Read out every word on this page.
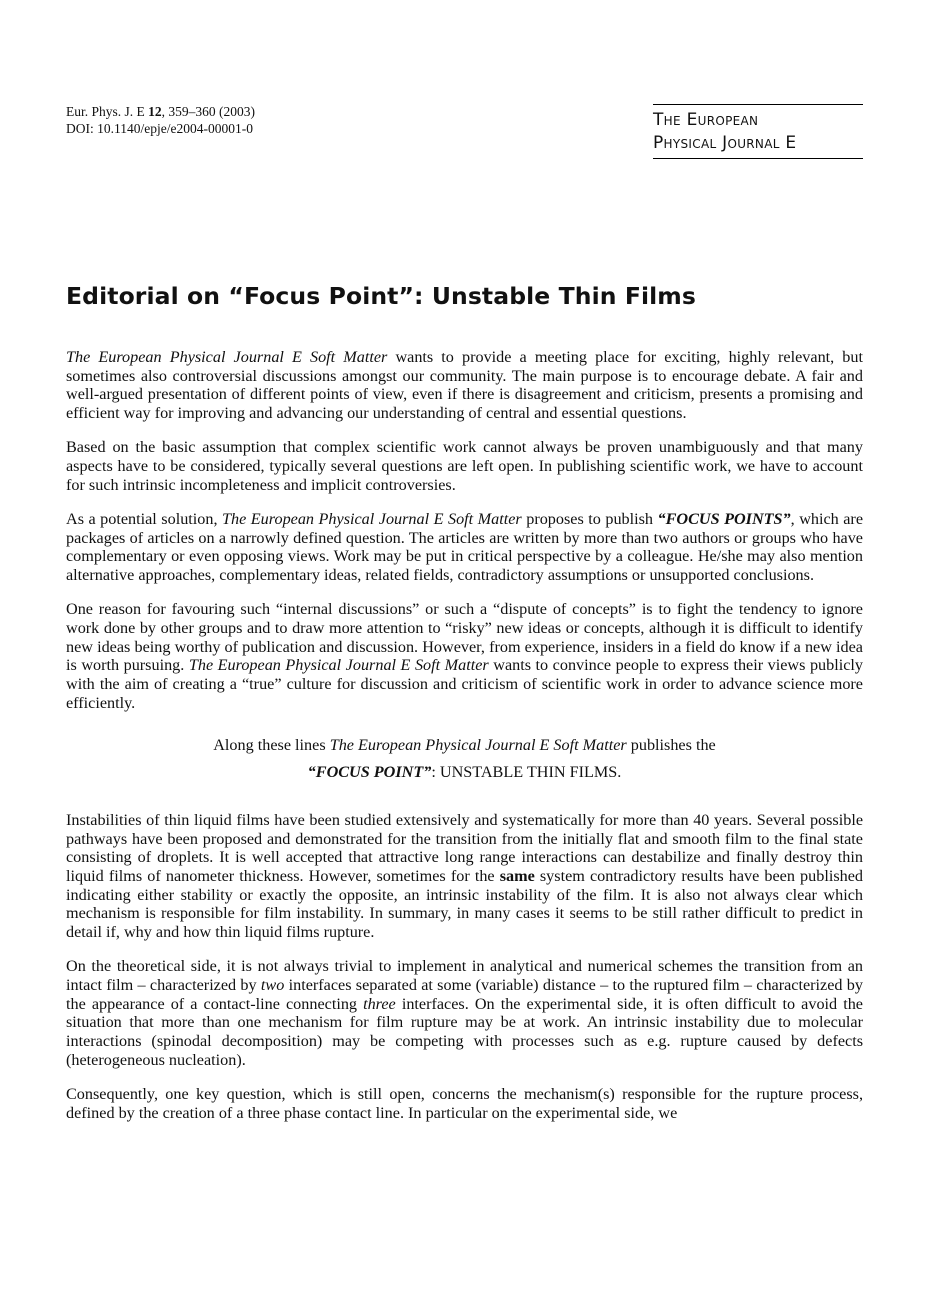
Eur. Phys. J. E 12, 359–360 (2003)
DOI: 10.1140/epje/e2004-00001-0	The European
Physical Journal E
Editorial on “Focus Point”: Unstable Thin Films

The European Physical Journal E Soft Matter wants to provide a meeting place for exciting, highly relevant, but sometimes also controversial discussions amongst our community. The main purpose is to encourage debate. A fair and well-argued presentation of different points of view, even if there is disagreement and criticism, presents a promising and efficient way for improving and advancing our understanding of central and essential questions.

Based on the basic assumption that complex scientific work cannot always be proven unambiguously and that many aspects have to be considered, typically several questions are left open. In publishing scientific work, we have to account for such intrinsic incompleteness and implicit controversies.

As a potential solution, The European Physical Journal E Soft Matter proposes to publish “FOCUS POINTS”, which are packages of articles on a narrowly defined question. The articles are written by more than two authors or groups who have complementary or even opposing views. Work may be put in critical perspective by a colleague. He/she may also mention alternative approaches, complementary ideas, related fields, contradictory assumptions or unsupported conclusions.

One reason for favouring such “internal discussions” or such a “dispute of concepts” is to fight the tendency to ignore work done by other groups and to draw more attention to “risky” new ideas or concepts, although it is difficult to identify new ideas being worthy of publication and discussion. However, from experience, insiders in a field do know if a new idea is worth pursuing. The European Physical Journal E Soft Matter wants to convince people to express their views publicly with the aim of creating a “true” culture for discussion and criticism of scientific work in order to advance science more efficiently.

Along these lines The European Physical Journal E Soft Matter publishes the

“FOCUS POINT”: UNSTABLE THIN FILMS.

Instabilities of thin liquid films have been studied extensively and systematically for more than 40 years. Several possible pathways have been proposed and demonstrated for the transition from the initially flat and smooth film to the final state consisting of droplets. It is well accepted that attractive long range interactions can destabilize and finally destroy thin liquid films of nanometer thickness. However, sometimes for the same system contradictory results have been published indicating either stability or exactly the opposite, an intrinsic instability of the film. It is also not always clear which mechanism is responsible for film instability. In summary, in many cases it seems to be still rather difficult to predict in detail if, why and how thin liquid films rupture.

On the theoretical side, it is not always trivial to implement in analytical and numerical schemes the transition from an intact film – characterized by two interfaces separated at some (variable) distance – to the ruptured film – characterized by the appearance of a contact-line connecting three interfaces. On the experimental side, it is often difficult to avoid the situation that more than one mechanism for film rupture may be at work. An intrinsic instability due to molecular interactions (spinodal decomposition) may be competing with processes such as e.g. rupture caused by defects (heterogeneous nucleation).

Consequently, one key question, which is still open, concerns the mechanism(s) responsible for the rupture process, defined by the creation of a three phase contact line. In particular on the experimental side, we
